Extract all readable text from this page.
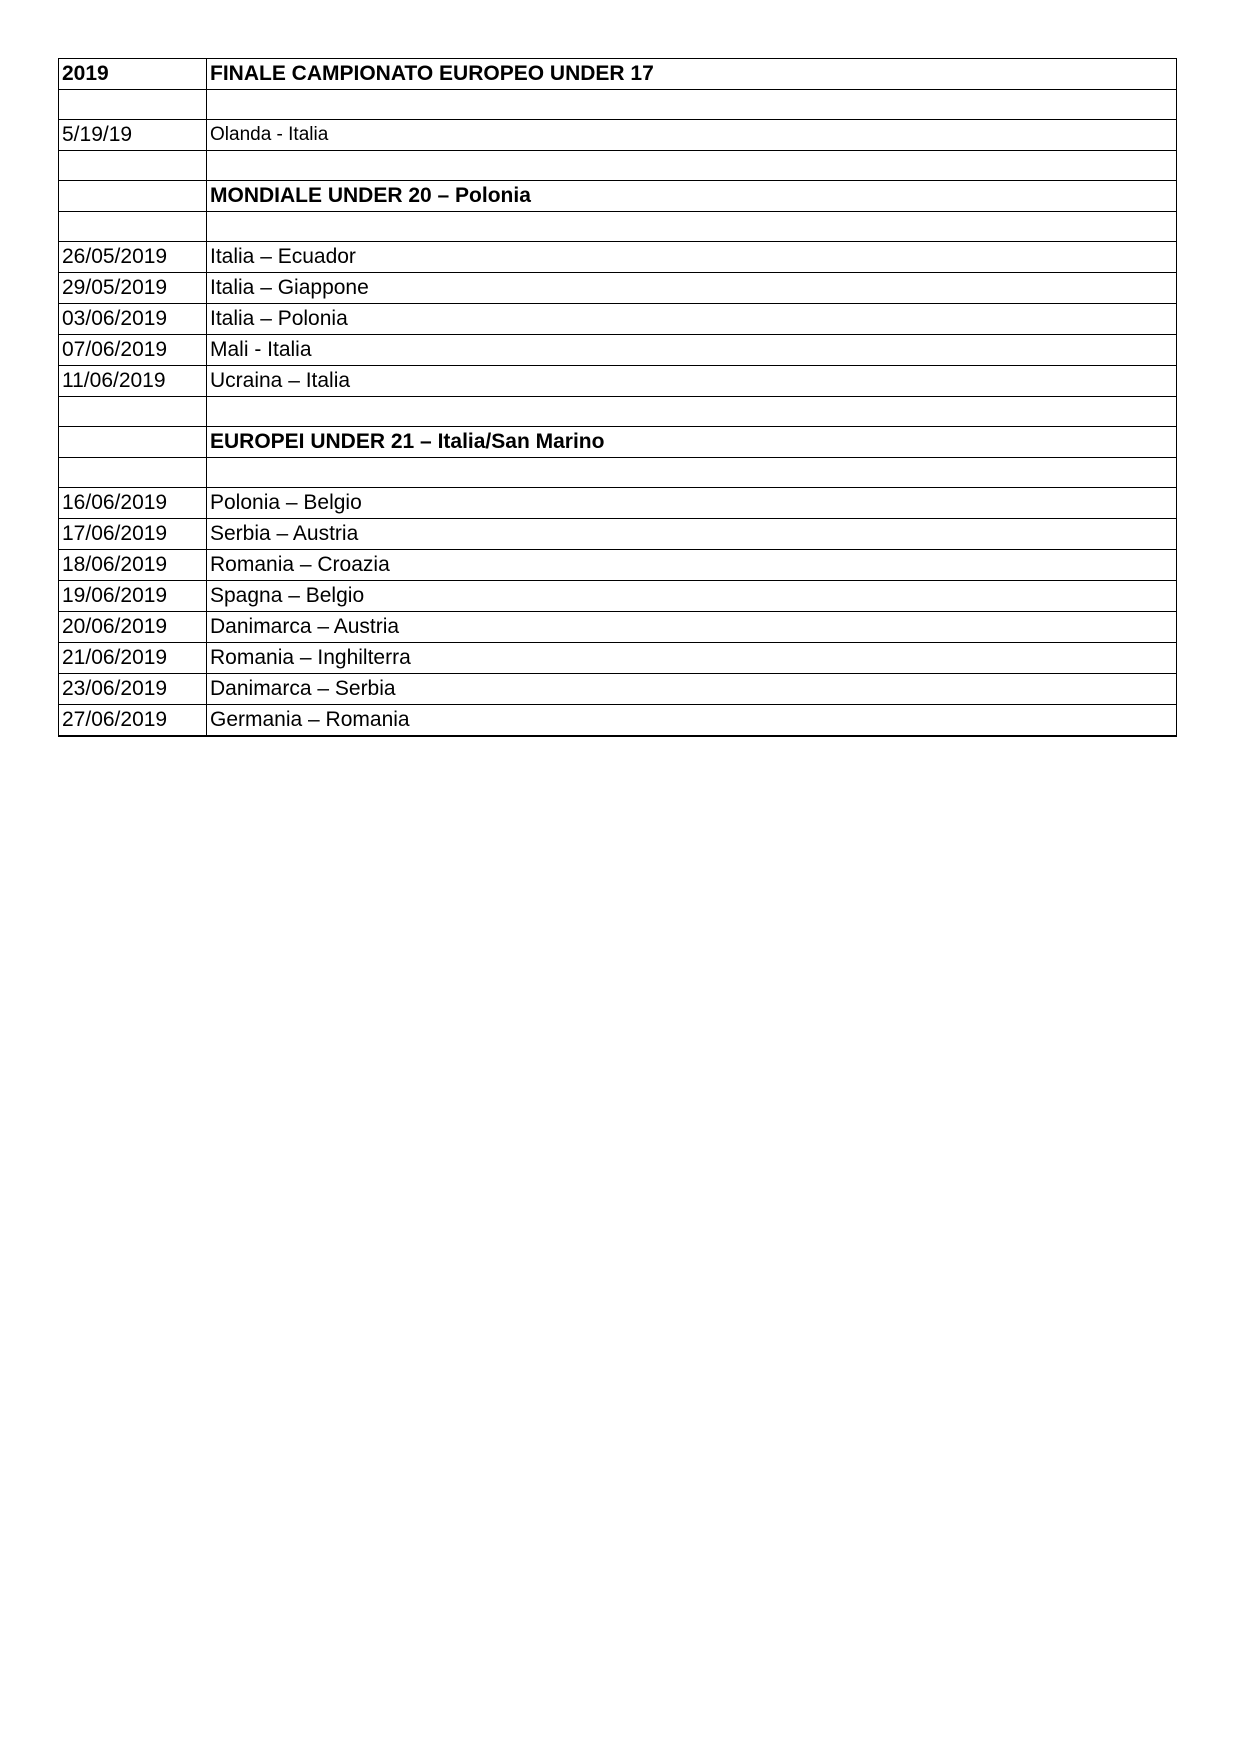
2019	FINALE CAMPIONATO EUROPEO UNDER 17

5/19/19	Olanda - Italia

	MONDIALE UNDER 20 – Polonia

26/05/2019	Italia – Ecuador
29/05/2019	Italia – Giappone
03/06/2019	Italia – Polonia
07/06/2019	Mali - Italia
11/06/2019	Ucraina – Italia

	EUROPEI UNDER 21 – Italia/San Marino

16/06/2019	Polonia – Belgio
17/06/2019	Serbia – Austria
18/06/2019	Romania – Croazia
19/06/2019	Spagna – Belgio
20/06/2019	Danimarca – Austria
21/06/2019	Romania – Inghilterra
23/06/2019	Danimarca – Serbia
27/06/2019	Germania – Romania
